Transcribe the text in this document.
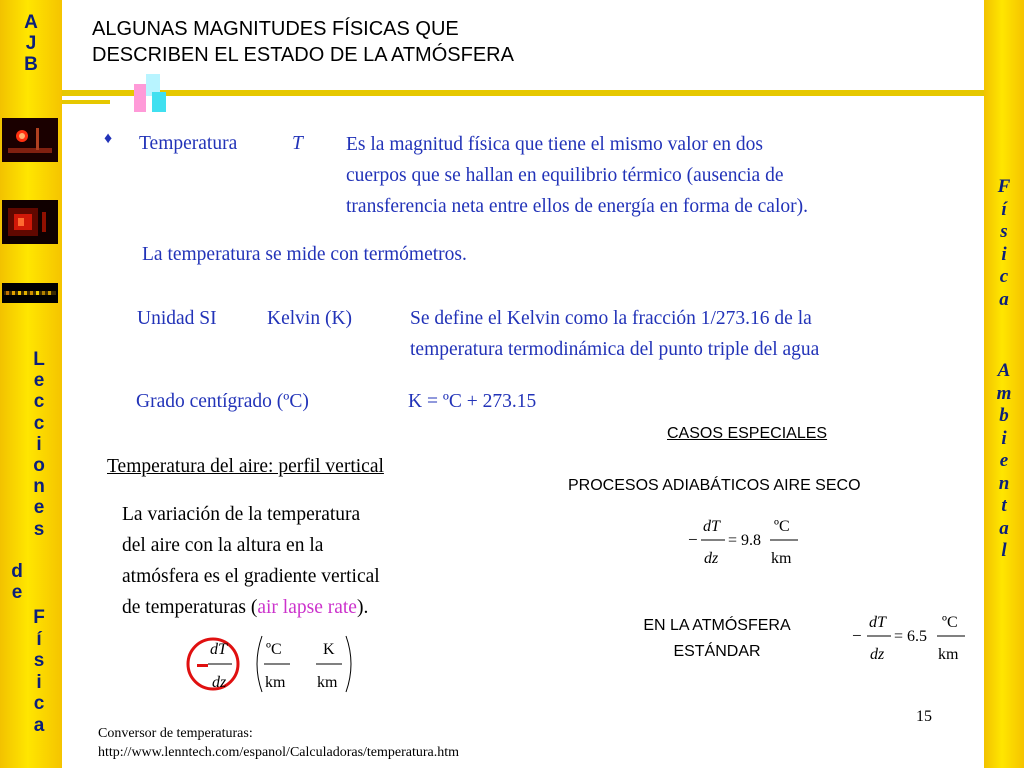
A
J
B
L
e
c
c
i
o
n
e
s
d
e
F
í
s
i
c
a
F
í
s
i
c
a
A
m
b
i
e
n
t
a
l
ALGUNAS MAGNITUDES FÍSICAS QUE
DESCRIBEN EL ESTADO DE LA ATMÓSFERA
♦ Temperatura	T Es la magnitud física que tiene el mismo valor en dos
cuerpos que se hallan en equilibrio térmico (ausencia de
transferencia neta entre ellos de energía en forma de calor).
La temperatura se mide con termómetros.
Unidad SI	Kelvin (K)	Se define el Kelvin como la fracción 1/273.16 de la
temperatura termodinámica del punto triple del agua
Grado centígrado (ºC)	K = ºC + 273.15
CASOS ESPECIALES
PROCESOS ADIABÁTICOS AIRE SECO
−
dT
dz
= 9.8
ºC
km
EN LA ATMÓSFERA
ESTÁNDAR
−
dT
dz
= 6.5
ºC
km
Temperatura del aire: perfil vertical
La variación de la temperatura
del aire con la altura en la
atmósfera es el gradiente vertical
de temperaturas (air lapse rate).
−
dT
dz
ºC
km
K
km
15
Conversor de temperaturas:
http://www.lenntech.com/espanol/Calculadoras/temperatura.htm
